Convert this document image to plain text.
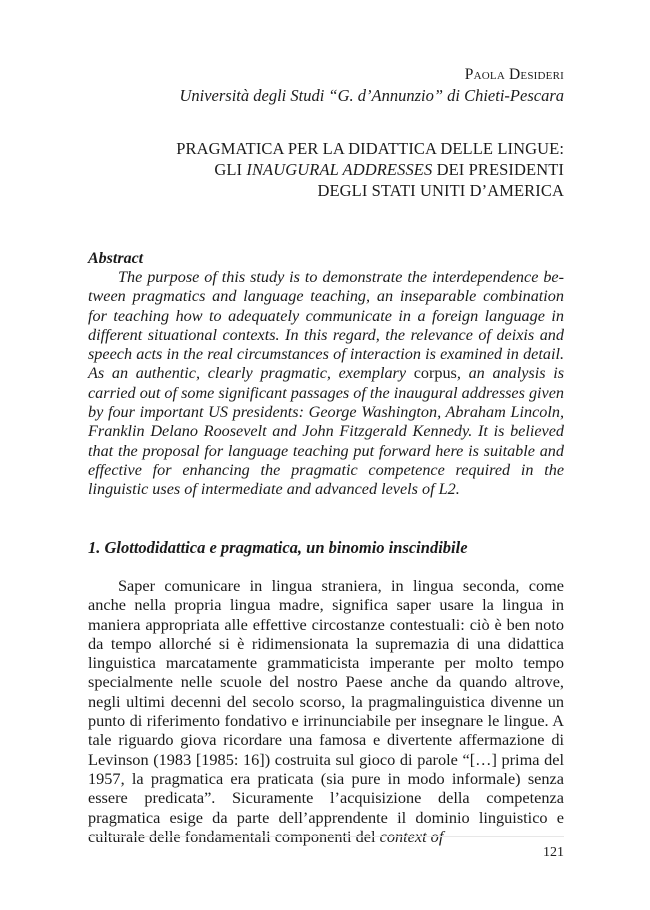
Paola Desideri
Università degli Studi “G. d’Annunzio” di Chieti-Pescara
PRAGMATICA PER LA DIDATTICA DELLE LINGUE:
GLI INAUGURAL ADDRESSES DEI PRESIDENTI
DEGLI STATI UNITI D’AMERICA
Abstract

The purpose of this study is to demonstrate the interdependence between pragmatics and language teaching, an inseparable combination for teaching how to adequately communicate in a foreign language in different situational contexts. In this regard, the relevance of deixis and speech acts in the real circumstances of interaction is examined in detail. As an authentic, clearly pragmatic, exemplary corpus, an analysis is carried out of some significant passages of the inaugural addresses given by four important US presidents: George Washington, Abraham Lincoln, Franklin Delano Roosevelt and John Fitzgerald Kennedy. It is believed that the proposal for language teaching put forward here is suitable and effective for enhancing the pragmatic competence required in the linguistic uses of intermediate and advanced levels of L2.

1. Glottodidattica e pragmatica, un binomio inscindibile

Saper comunicare in lingua straniera, in lingua seconda, come anche nella propria lingua madre, significa saper usare la lingua in maniera appropriata alle effettive circostanze contestuali: ciò è ben noto da tempo allorché si è ridimensionata la supremazia di una didattica linguistica marcatamente grammaticista imperante per molto tempo specialmente nelle scuole del nostro Paese anche da quando altrove, negli ultimi decenni del secolo scorso, la pragmalinguistica divenne un punto di riferimento fondativo e irrinunciabile per insegnare le lingue. A tale riguardo giova ricordare una famosa e divertente affermazione di Levinson (1983 [1985: 16]) costruita sul gioco di parole “[…] prima del 1957, la pragmatica era praticata (sia pure in modo informale) senza essere predicata”. Sicuramente l’acquisizione della competenza pragmatica esige da parte dell’apprendente il dominio linguistico e culturale delle fondamentali componenti del context of

121
